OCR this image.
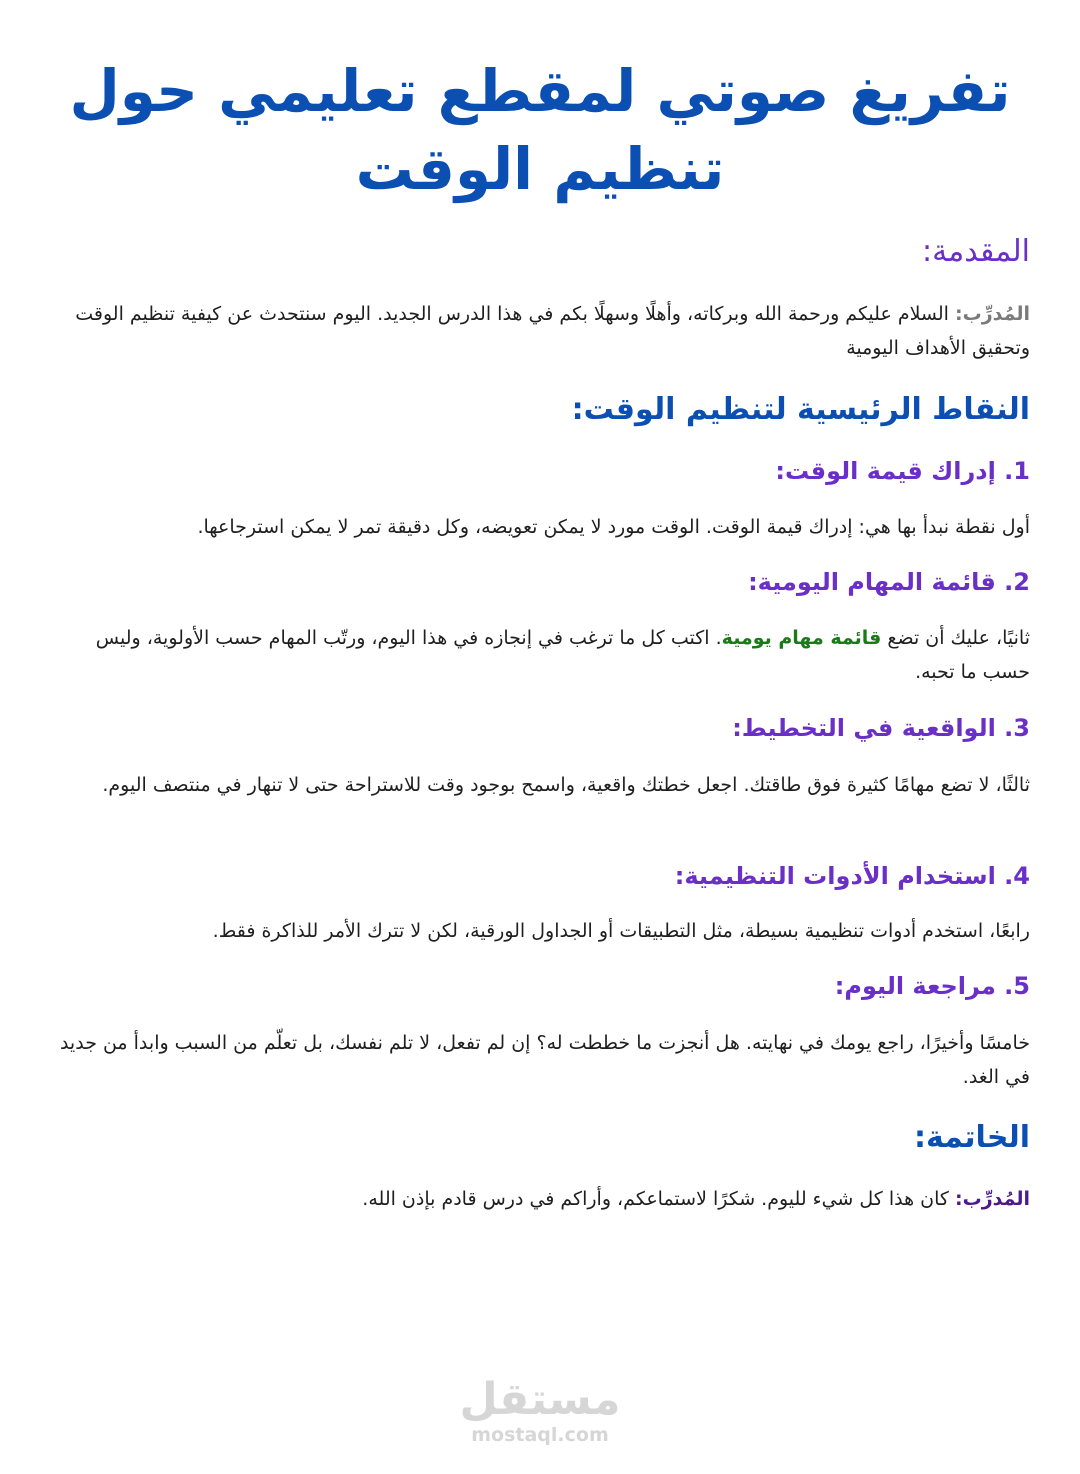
تفريغ صوتي لمقطع تعليمي حول تنظيم الوقت
المقدمة:

المُدرِّب: السلام عليكم ورحمة الله وبركاته، وأهلًا وسهلًا بكم في هذا الدرس الجديد. اليوم سنتحدث عن كيفية تنظيم الوقت وتحقيق الأهداف اليومية

النقاط الرئيسية لتنظيم الوقت:
1. إدراك قيمة الوقت:

أول نقطة نبدأ بها هي: إدراك قيمة الوقت. الوقت مورد لا يمكن تعويضه، وكل دقيقة تمر لا يمكن استرجاعها.

2. قائمة المهام اليومية:

ثانيًا، عليك أن تضع قائمة مهام يومية. اكتب كل ما ترغب في إنجازه في هذا اليوم، ورتّب المهام حسب الأولوية، وليس حسب ما تحبه.

3. الواقعية في التخطيط:

ثالثًا، لا تضع مهامًا كثيرة فوق طاقتك. اجعل خطتك واقعية، واسمح بوجود وقت للاستراحة حتى لا تنهار في منتصف اليوم.

4. استخدام الأدوات التنظيمية:

رابعًا، استخدم أدوات تنظيمية بسيطة، مثل التطبيقات أو الجداول الورقية، لكن لا تترك الأمر للذاكرة فقط.

5. مراجعة اليوم:

خامسًا وأخيرًا، راجع يومك في نهايته. هل أنجزت ما خططت له؟ إن لم تفعل، لا تلم نفسك، بل تعلّم من السبب وابدأ من جديد في الغد.

الخاتمة:

المُدرِّب: كان هذا كل شيء لليوم. شكرًا لاستماعكم، وأراكم في درس قادم بإذن الله.

مستقل
mostaql.com
